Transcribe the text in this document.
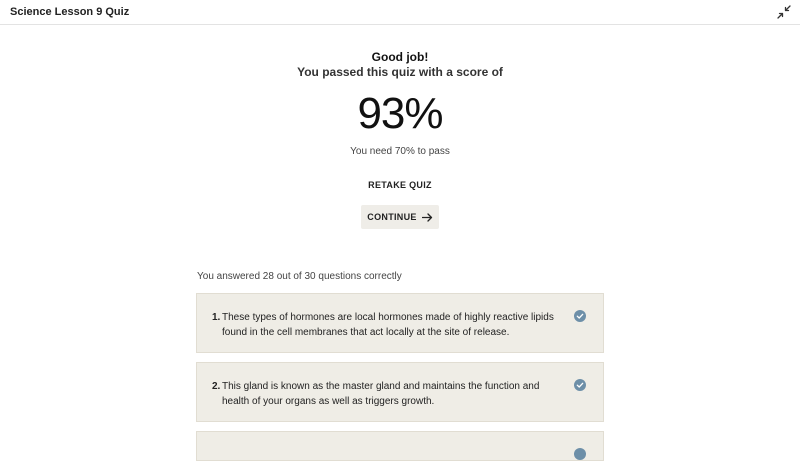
Science Lesson 9 Quiz
Good job!
You passed this quiz with a score of
93%
You need 70% to pass
RETAKE QUIZ
CONTINUE
You answered 28 out of 30 questions correctly
1. These types of hormones are local hormones made of highly reactive lipids found in the cell membranes that act locally at the site of release.
2. This gland is known as the master gland and maintains the function and health of your organs as well as triggers growth.
